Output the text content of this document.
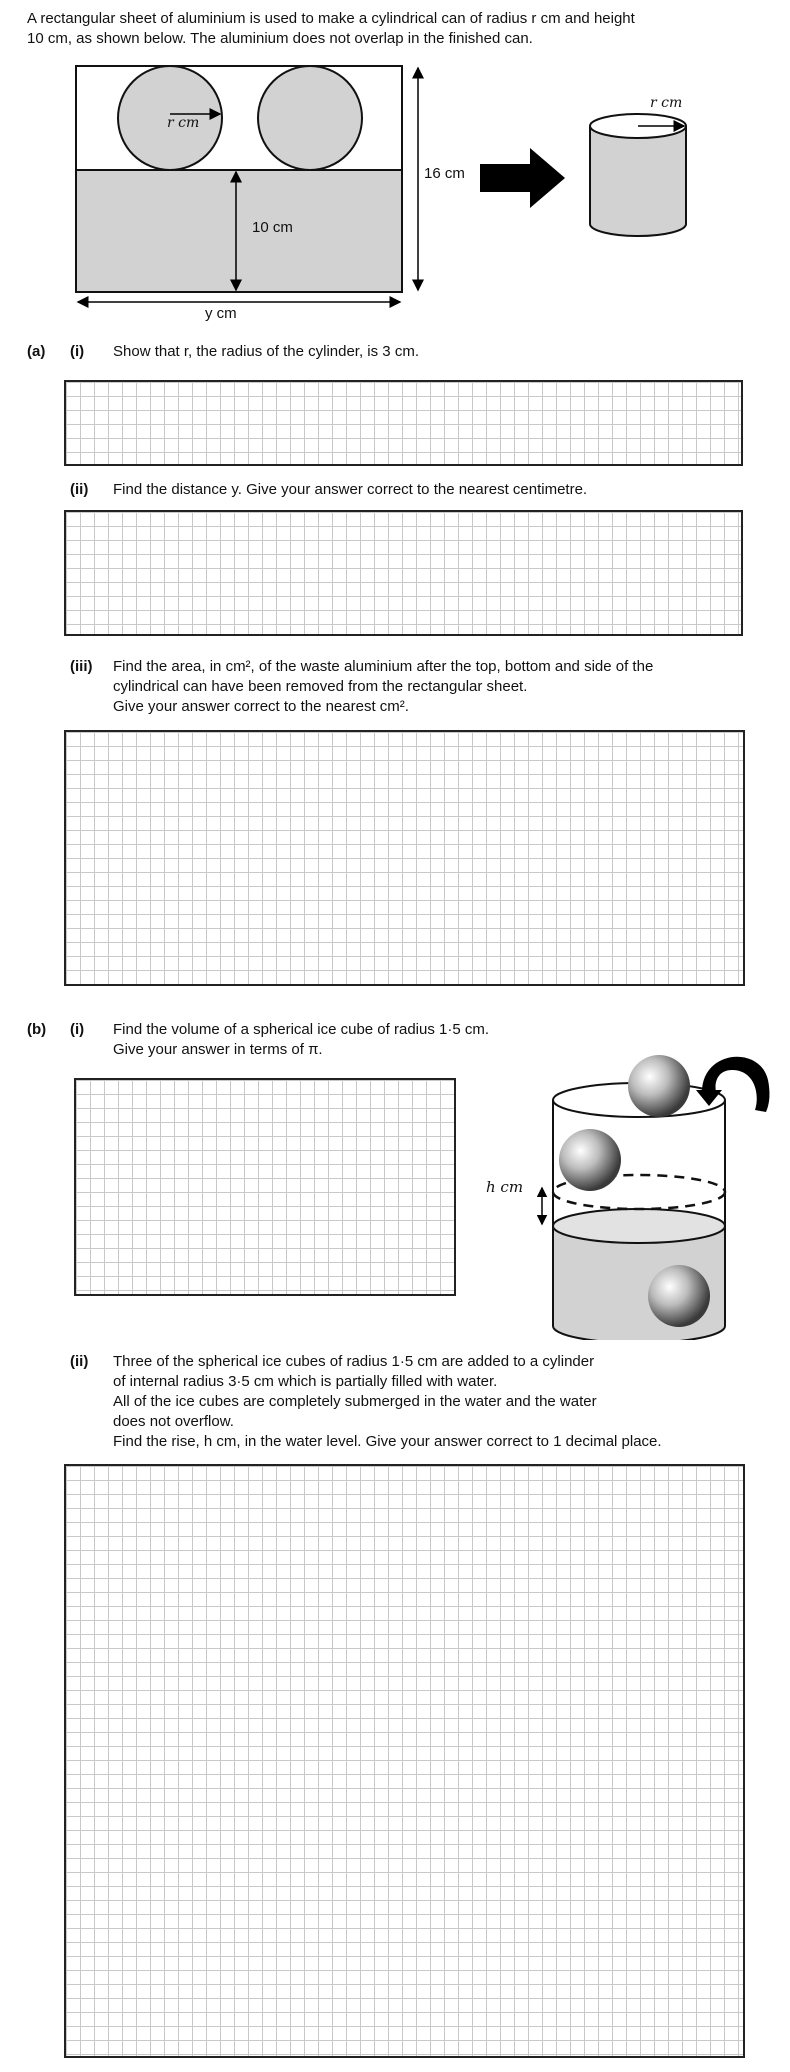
A rectangular sheet of aluminium is used to make a cylindrical can of radius r cm and height
10 cm, as shown below. The aluminium does not overlap in the finished can.
r cm
10 cm
16 cm
y cm
r cm
(a) (i) Show that r, the radius of the cylinder, is 3 cm.
(ii) Find the distance y. Give your answer correct to the nearest centimetre.
(iii) Find the area, in cm², of the waste aluminium after the top, bottom and side of the
cylindrical can have been removed from the rectangular sheet.
Give your answer correct to the nearest cm².
(b) (i) Find the volume of a spherical ice cube of radius 1·5 cm.
Give your answer in terms of π.
h cm
(ii) Three of the spherical ice cubes of radius 1·5 cm are added to a cylinder
of internal radius 3·5 cm which is partially filled with water.
All of the ice cubes are completely submerged in the water and the water
does not overflow.
Find the rise, h cm, in the water level. Give your answer correct to 1 decimal place.
